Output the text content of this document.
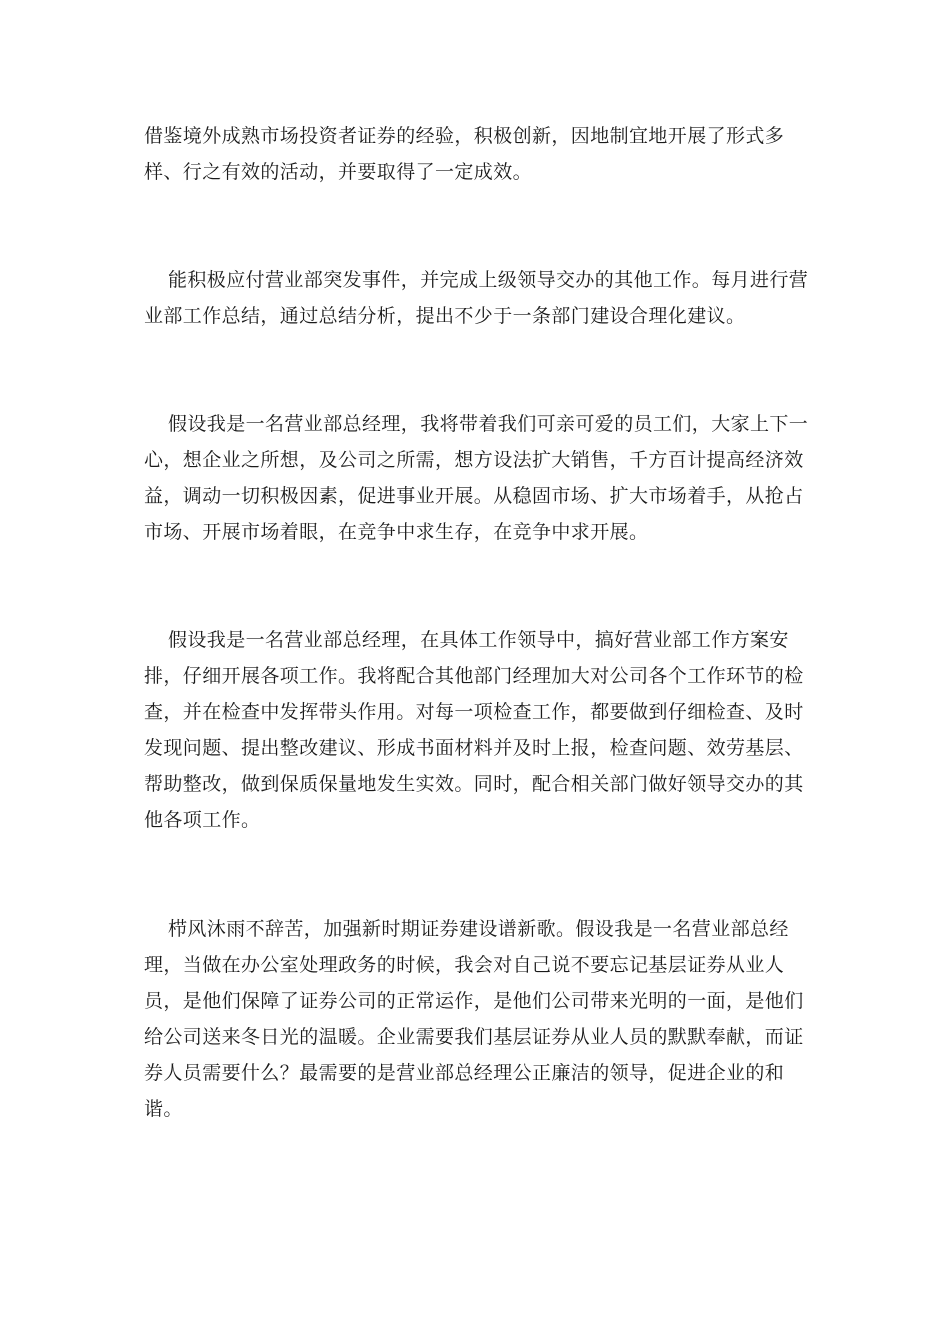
借鉴境外成熟市场投资者证券的经验，积极创新，因地制宜地开展了形式多样、行之有效的活动，并要取得了一定成效。

能积极应付营业部突发事件，并完成上级领导交办的其他工作。每月进行营业部工作总结，通过总结分析，提出不少于一条部门建设合理化建议。

假设我是一名营业部总经理，我将带着我们可亲可爱的员工们，大家上下一心，想企业之所想，及公司之所需，想方设法扩大销售，千方百计提高经济效益，调动一切积极因素，促进事业开展。从稳固市场、扩大市场着手，从抢占市场、开展市场着眼，在竞争中求生存，在竞争中求开展。

假设我是一名营业部总经理，在具体工作领导中，搞好营业部工作方案安排，仔细开展各项工作。我将配合其他部门经理加大对公司各个工作环节的检查，并在检查中发挥带头作用。对每一项检查工作，都要做到仔细检查、及时发现问题、提出整改建议、形成书面材料并及时上报，检查问题、效劳基层、帮助整改，做到保质保量地发生实效。同时，配合相关部门做好领导交办的其他各项工作。

栉风沐雨不辞苦，加强新时期证券建设谱新歌。假设我是一名营业部总经理，当做在办公室处理政务的时候，我会对自己说不要忘记基层证券从业人员，是他们保障了证券公司的正常运作，是他们公司带来光明的一面，是他们给公司送来冬日光的温暖。企业需要我们基层证券从业人员的默默奉献，而证券人员需要什么？最需要的是营业部总经理公正廉洁的领导，促进企业的和谐。
